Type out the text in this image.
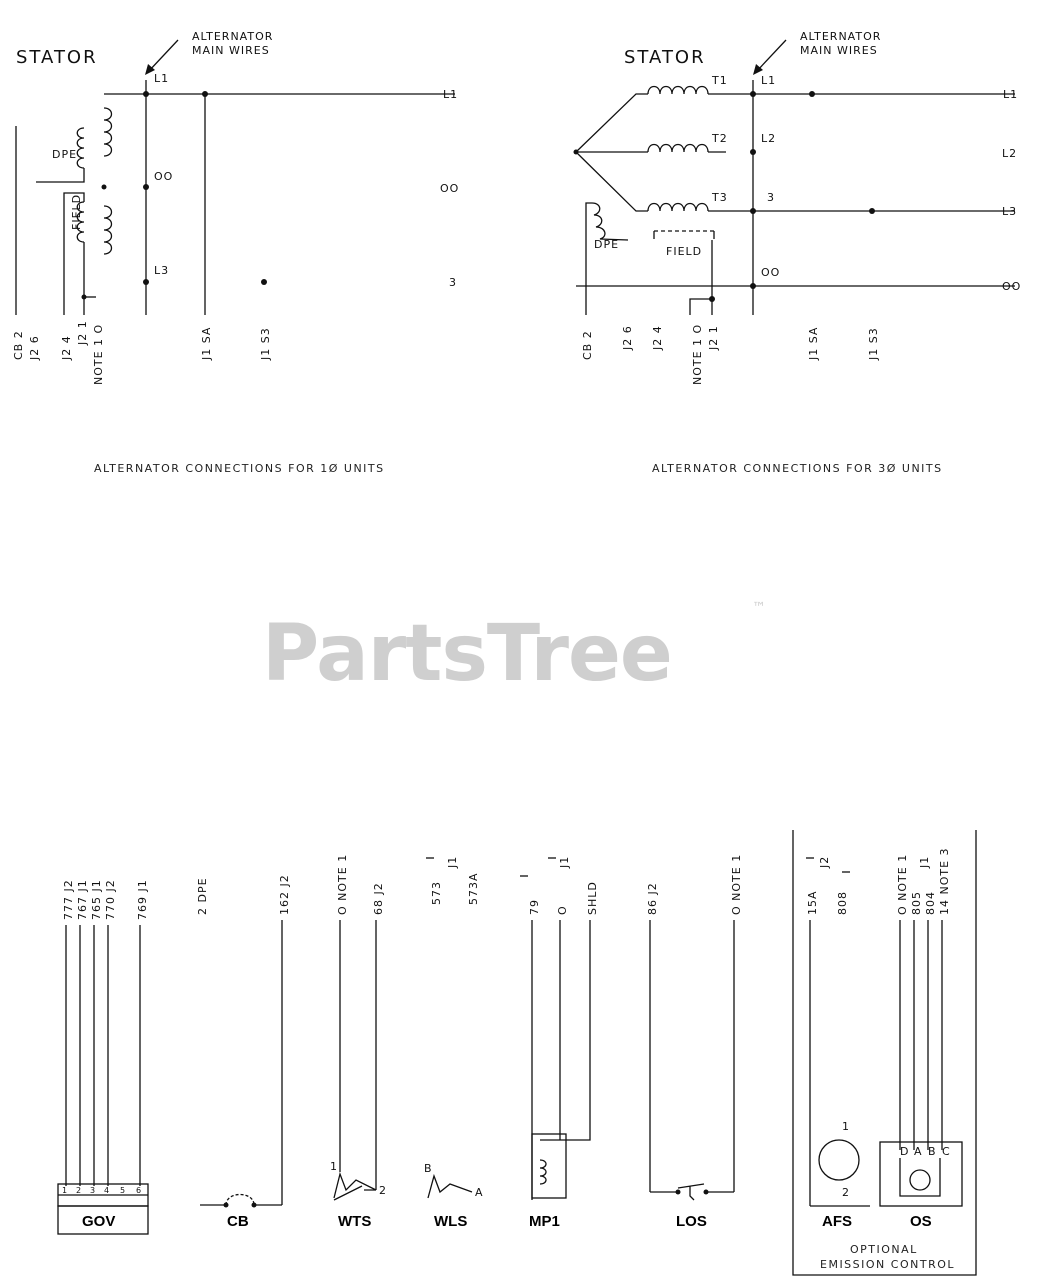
PartsTree
™
STATOR
ALTERNATOR
MAIN WIRES
L1
OO
L3
L1
OO
3
DPE
FIELD
CB 2 J2 6 J2 4
J2 1 NOTE 1 O	J1 SA	J1 S3
ALTERNATOR CONNECTIONS FOR 1Ø UNITS
STATOR
ALTERNATOR
MAIN WIRES
T1
T2
T3
L1
L2
3
OO
L1
L2
L3
OO
DPE
FIELD
CB 2 J2 6 J2 4 NOTE 1 O J2 1	J1 SA	J1 S3
ALTERNATOR CONNECTIONS FOR 3Ø UNITS
777 J2 767 J1 765 J1 770 J2 769 J1
1 2 3 4 5 6
GOV
2 DPE	162 J2
CB
O NOTE 1 68 J2
1
2
WTS
J1
573 573A
B
A
WLS
J1
79 O SHLD
MP1
86 J2	O NOTE 1
LOS
OPTIONAL
EMISSION CONTROL
J2
15A 808
1
2
AFS
J1
O NOTE 1 805 804 14 NOTE 3
D A B C
OS
